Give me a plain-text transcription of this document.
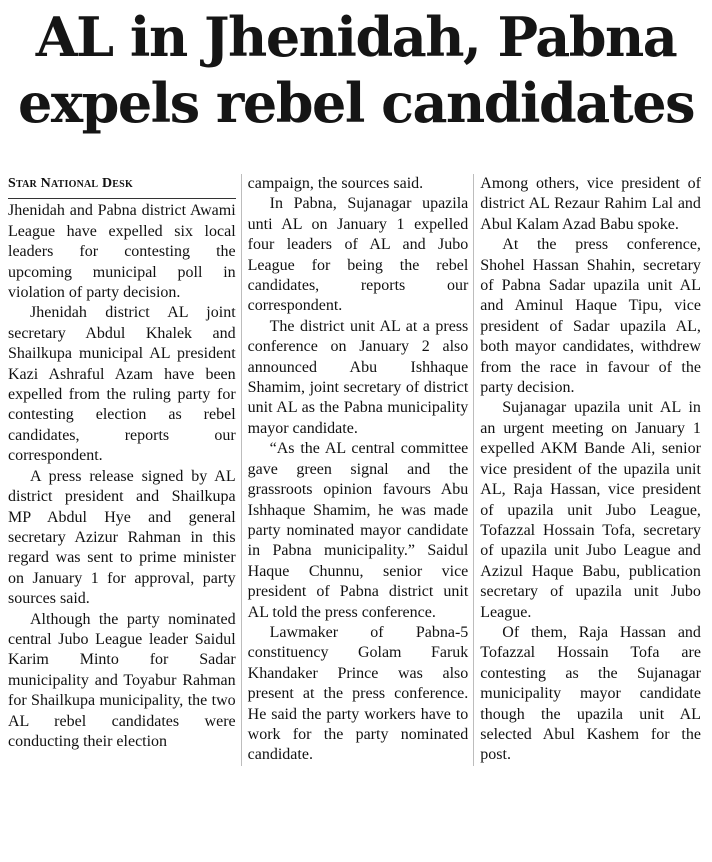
AL in Jhenidah, Pabna
expels rebel candidates
Star National Desk

Jhenidah and Pabna district Awami League have expelled six local leaders for contesting the upcoming municipal poll in violation of party decision.

Jhenidah district AL joint secretary Abdul Khalek and Shailkupa municipal AL president Kazi Ashraful Azam have been expelled from the ruling party for contesting election as rebel candidates, reports our correspondent.

A press release signed by AL district president and Shailkupa MP Abdul Hye and general secretary Azizur Rahman in this regard was sent to prime minister on January 1 for approval, party sources said.

Although the party nominated central Jubo League leader Saidul Karim Minto for Sadar municipality and Toyabur Rahman for Shailkupa municipality, the two AL rebel candidates were conducting their election

campaign, the sources said.

In Pabna, Sujanagar upazila unti AL on January 1 expelled four leaders of AL and Jubo League for being the rebel candidates, reports our correspondent.

The district unit AL at a press conference on January 2 also announced Abu Ishhaque Shamim, joint secretary of district unit AL as the Pabna municipality mayor candidate.

“As the AL central committee gave green signal and the grassroots opinion favours Abu Ishhaque Shamim, he was made party nominated mayor candidate in Pabna municipality.” Saidul Haque Chunnu, senior vice president of Pabna district unit AL told the press conference.

Lawmaker of Pabna-5 constituency Golam Faruk Khandaker Prince was also present at the press conference. He said the party workers have to work for the party nominated candidate.

Among others, vice president of district AL Rezaur Rahim Lal and Abul Kalam Azad Babu spoke.

At the press conference, Shohel Hassan Shahin, secretary of Pabna Sadar upazila unit AL and Aminul Haque Tipu, vice president of Sadar upazila AL, both mayor candidates, withdrew from the race in favour of the party decision.

Sujanagar upazila unit AL in an urgent meeting on January 1 expelled AKM Bande Ali, senior vice president of the upazila unit AL, Raja Hassan, vice president of upazila unit Jubo League, Tofazzal Hossain Tofa, secretary of upazila unit Jubo League and Azizul Haque Babu, publication secretary of upazila unit Jubo League.

Of them, Raja Hassan and Tofazzal Hossain Tofa are contesting as the Sujanagar municipality mayor candidate though the upazila unit AL selected Abul Kashem for the post.
